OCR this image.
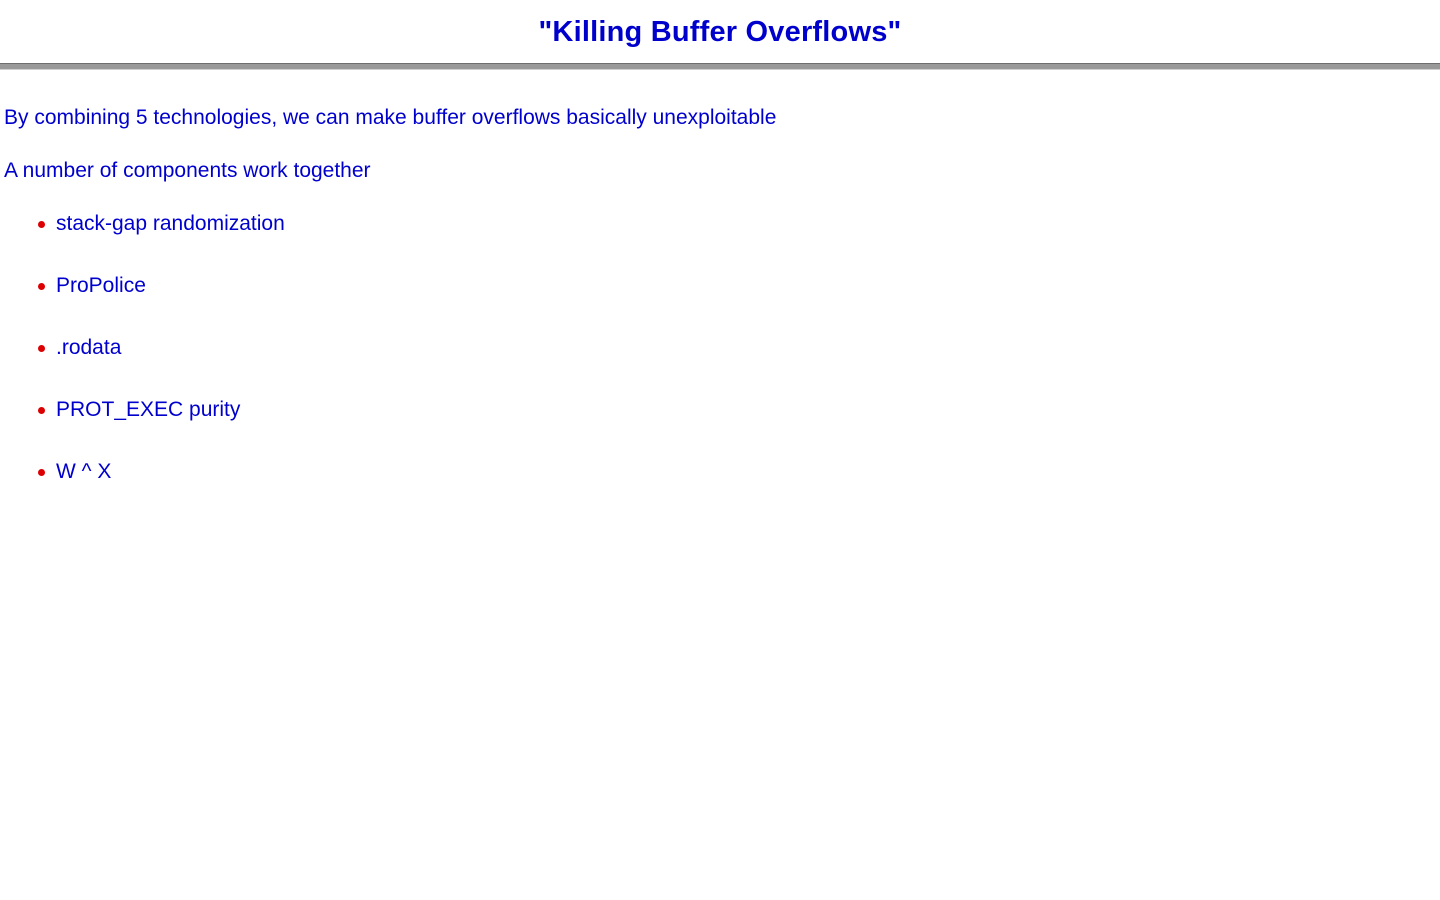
"Killing Buffer Overflows"

By combining 5 technologies, we can make buffer overflows basically unexploitable

A number of components work together

stack-gap randomization
ProPolice
.rodata
PROT_EXEC purity
W ^ X
